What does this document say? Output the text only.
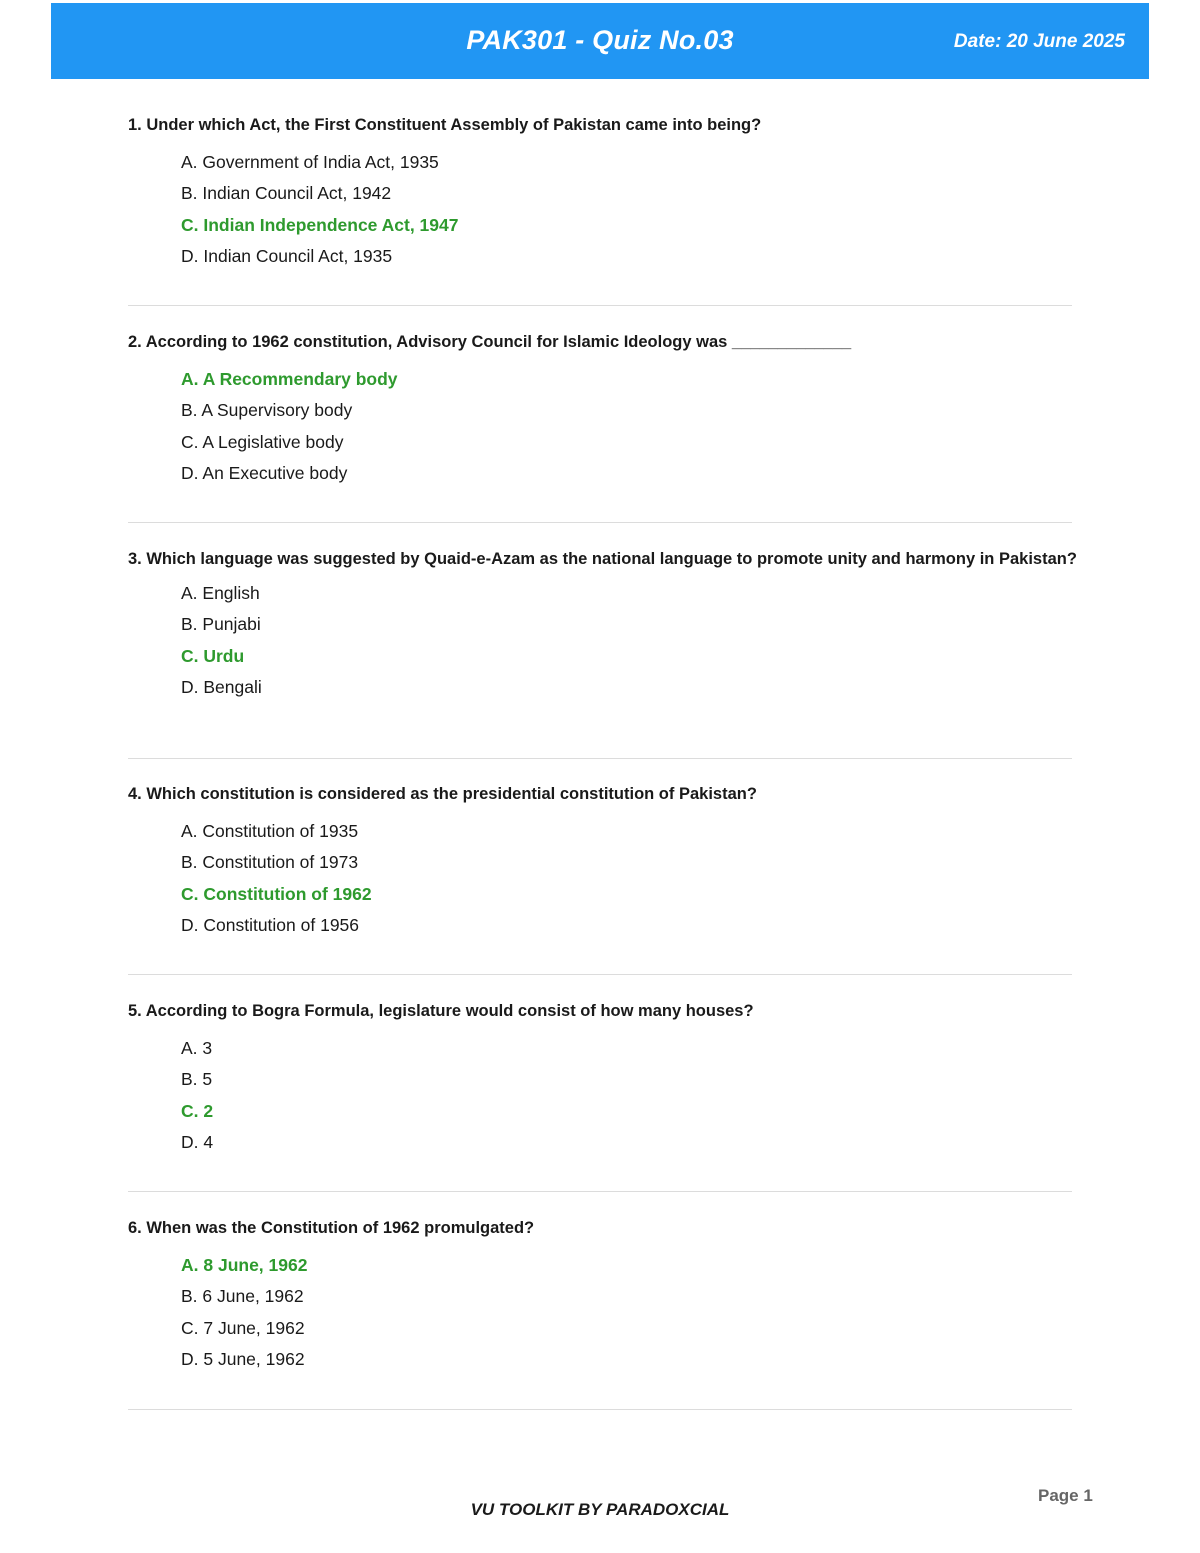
PAK301 - Quiz No.03	Date: 20 June 2025

1. Under which Act, the First Constituent Assembly of Pakistan came into being?

A. Government of India Act, 1935
B. Indian Council Act, 1942
C. Indian Independence Act, 1947
D. Indian Council Act, 1935

2. According to 1962 constitution, Advisory Council for Islamic Ideology was _____________

A. A Recommendary body
B. A Supervisory body
C. A Legislative body
D. An Executive body

3. Which language was suggested by Quaid-e-Azam as the national language to promote unity and harmony in Pakistan?

A. English
B. Punjabi
C. Urdu
D. Bengali

4. Which constitution is considered as the presidential constitution of Pakistan?

A. Constitution of 1935
B. Constitution of 1973
C. Constitution of 1962
D. Constitution of 1956

5. According to Bogra Formula, legislature would consist of how many houses?

A. 3
B. 5
C. 2
D. 4

6. When was the Constitution of 1962 promulgated?

A. 8 June, 1962
B. 6 June, 1962
C. 7 June, 1962
D. 5 June, 1962
Page 1
VU TOOLKIT BY PARADOXCIAL
